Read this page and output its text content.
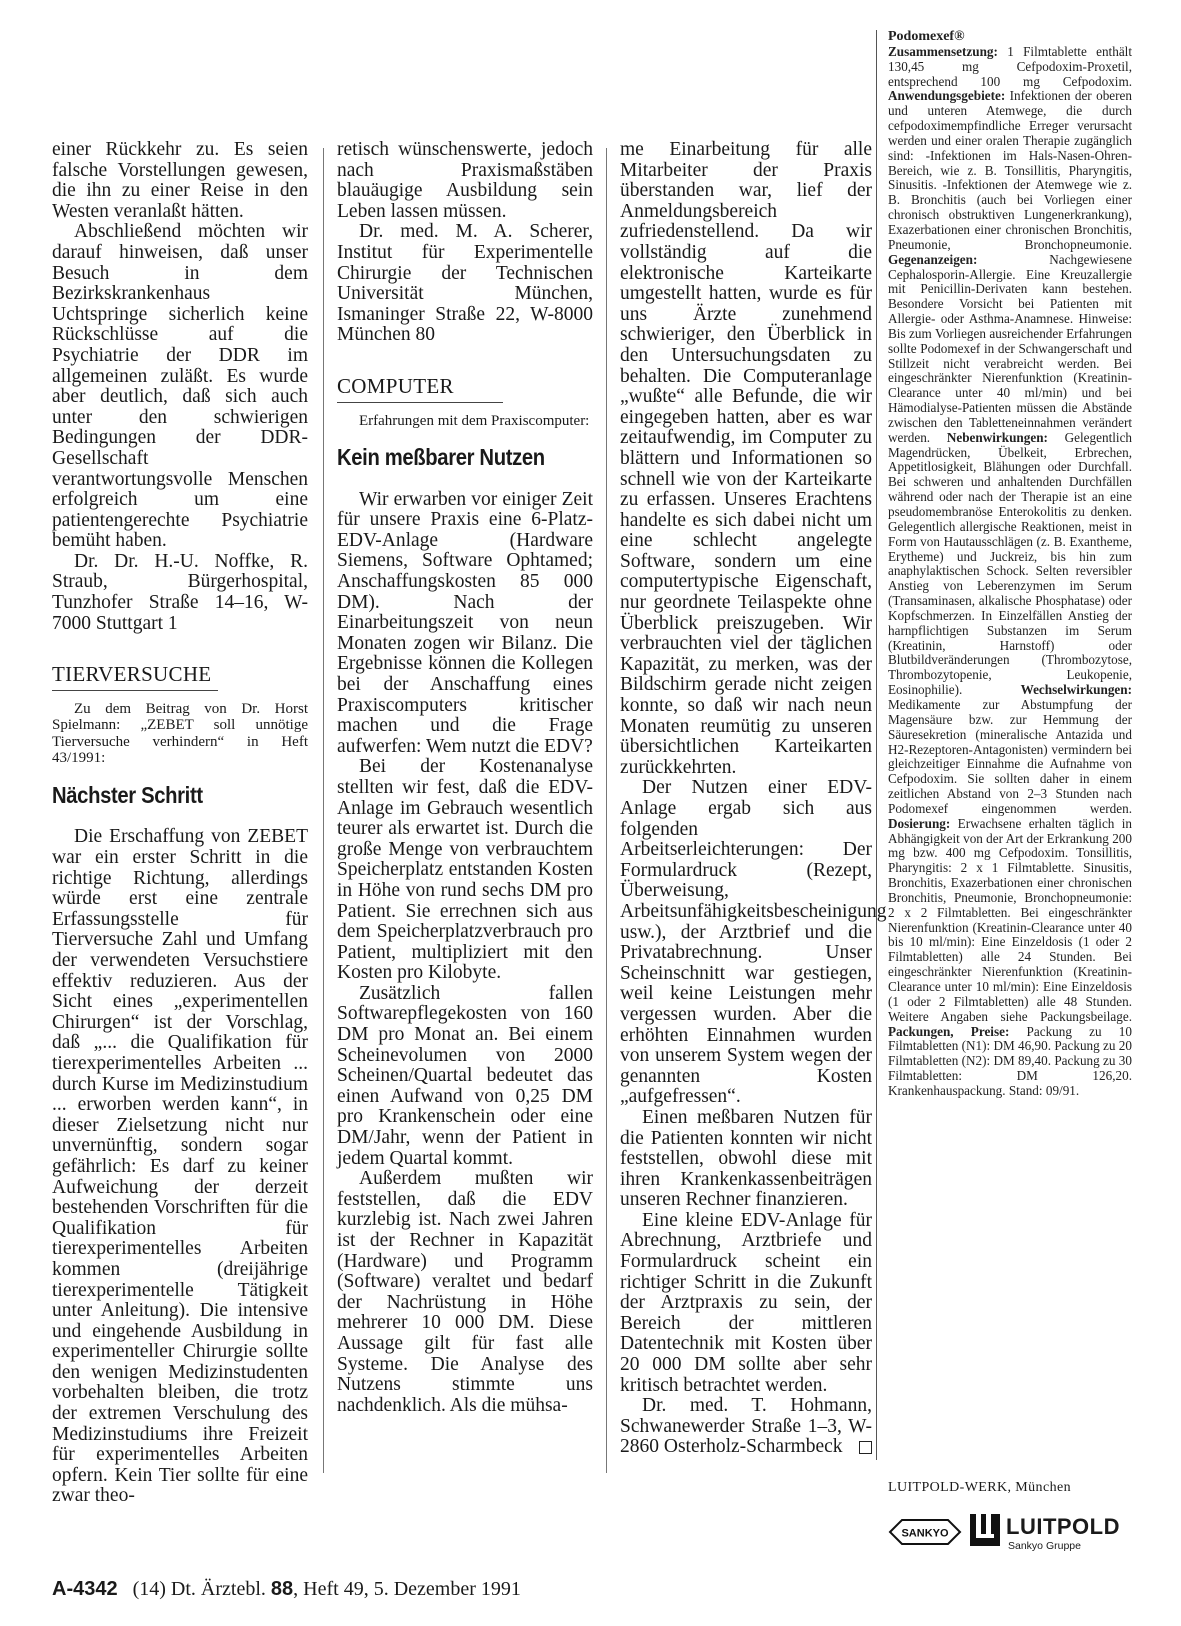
einer Rückkehr zu. Es seien falsche Vorstellungen gewesen, die ihn zu einer Reise in den Westen veranlaßt hätten.

Abschließend möchten wir darauf hinweisen, daß unser Besuch in dem Bezirkskrankenhaus Uchtspringe sicherlich keine Rückschlüsse auf die Psychiatrie der DDR im allgemeinen zuläßt. Es wurde aber deutlich, daß sich auch unter den schwierigen Bedingungen der DDR-Gesellschaft verantwortungsvolle Menschen erfolgreich um eine patientengerechte Psychiatrie bemüht haben.

Dr. Dr. H.-U. Noffke, R. Straub, Bürgerhospital, Tunzhofer Straße 14–16, W-7000 Stuttgart 1

TIERVERSUCHE

Zu dem Beitrag von Dr. Horst Spielmann: „ZEBET soll unnötige Tierversuche verhindern“ in Heft 43/1991:

Nächster Schritt

Die Erschaffung von ZEBET war ein erster Schritt in die richtige Richtung, allerdings würde erst eine zentrale Erfassungsstelle für Tierversuche Zahl und Umfang der verwendeten Versuchstiere effektiv reduzieren. Aus der Sicht eines „experimentellen Chirurgen“ ist der Vorschlag, daß „... die Qualifikation für tierexperimentelles Arbeiten ... durch Kurse im Medizinstudium ... erworben werden kann“, in dieser Zielsetzung nicht nur unvernünftig, sondern sogar gefährlich: Es darf zu keiner Aufweichung der derzeit bestehenden Vorschriften für die Qualifikation für tierexperimentelles Arbeiten kommen (dreijährige tierexperimentelle Tätigkeit unter Anleitung). Die intensive und eingehende Ausbildung in experimenteller Chirurgie sollte den wenigen Medizinstudenten vorbehalten bleiben, die trotz der extremen Verschulung des Medizinstudiums ihre Freizeit für experimentelles Arbeiten opfern. Kein Tier sollte für eine zwar theo-

retisch wünschenswerte, jedoch nach Praxismaßstäben blauäugige Ausbildung sein Leben lassen müssen.

Dr. med. M. A. Scherer, Institut für Experimentelle Chirurgie der Technischen Universität München, Ismaninger Straße 22, W-8000 München 80

COMPUTER

Erfahrungen mit dem Praxiscomputer:

Kein meßbarer Nutzen

Wir erwarben vor einiger Zeit für unsere Praxis eine 6-Platz-EDV-Anlage (Hardware Siemens, Software Ophtamed; Anschaffungskosten 85 000 DM). Nach der Einarbeitungszeit von neun Monaten zogen wir Bilanz. Die Ergebnisse können die Kollegen bei der Anschaffung eines Praxiscomputers kritischer machen und die Frage aufwerfen: Wem nutzt die EDV?

Bei der Kostenanalyse stellten wir fest, daß die EDV-Anlage im Gebrauch wesentlich teurer als erwartet ist. Durch die große Menge von verbrauchtem Speicherplatz entstanden Kosten in Höhe von rund sechs DM pro Patient. Sie errechnen sich aus dem Speicherplatzverbrauch pro Patient, multipliziert mit den Kosten pro Kilobyte.

Zusätzlich fallen Softwarepflegekosten von 160 DM pro Monat an. Bei einem Scheinevolumen von 2000 Scheinen/Quartal bedeutet das einen Aufwand von 0,25 DM pro Krankenschein oder eine DM/Jahr, wenn der Patient in jedem Quartal kommt.

Außerdem mußten wir feststellen, daß die EDV kurzlebig ist. Nach zwei Jahren ist der Rechner in Kapazität (Hardware) und Programm (Software) veraltet und bedarf der Nachrüstung in Höhe mehrerer 10 000 DM. Diese Aussage gilt für fast alle Systeme. Die Analyse des Nutzens stimmte uns nachdenklich. Als die mühsa-

me Einarbeitung für alle Mitarbeiter der Praxis überstanden war, lief der Anmeldungsbereich zufriedenstellend. Da wir vollständig auf die elektronische Karteikarte umgestellt hatten, wurde es für uns Ärzte zunehmend schwieriger, den Überblick in den Untersuchungsdaten zu behalten. Die Computeranlage „wußte“ alle Befunde, die wir eingegeben hatten, aber es war zeitaufwendig, im Computer zu blättern und Informationen so schnell wie von der Karteikarte zu erfassen. Unseres Erachtens handelte es sich dabei nicht um eine schlecht angelegte Software, sondern um eine computertypische Eigenschaft, nur geordnete Teilaspekte ohne Überblick preiszugeben. Wir verbrauchten viel der täglichen Kapazität, zu merken, was der Bildschirm gerade nicht zeigen konnte, so daß wir nach neun Monaten reumütig zu unseren übersichtlichen Karteikarten zurückkehrten.

Der Nutzen einer EDV-Anlage ergab sich aus folgenden Arbeitserleichterungen: Der Formulardruck (Rezept, Überweisung, Arbeitsunfähigkeitsbescheinigung usw.), der Arztbrief und die Privatabrechnung. Unser Scheinschnitt war gestiegen, weil keine Leistungen mehr vergessen wurden. Aber die erhöhten Einnahmen wurden von unserem System wegen der genannten Kosten „aufgefressen“.

Einen meßbaren Nutzen für die Patienten konnten wir nicht feststellen, obwohl diese mit ihren Krankenkassenbeiträgen unseren Rechner finanzieren.

Eine kleine EDV-Anlage für Abrechnung, Arztbriefe und Formulardruck scheint ein richtiger Schritt in die Zukunft der Arztpraxis zu sein, der Bereich der mittleren Datentechnik mit Kosten über 20 000 DM sollte aber sehr kritisch betrachtet werden.

Dr. med. T. Hohmann, Schwanewerder Straße 1–3, W-2860 Osterholz-Scharmbeck

Podomexef®
Zusammensetzung: 1 Filmtablette enthält 130,45 mg Cefpodoxim-Proxetil, entsprechend 100 mg Cefpodoxim. Anwendungsgebiete: Infektionen der oberen und unteren Atemwege, die durch cefpodoximempfindliche Erreger verursacht werden und einer oralen Therapie zugänglich sind: -Infektionen im Hals-Nasen-Ohren-Bereich, wie z. B. Tonsillitis, Pharyngitis, Sinusitis. -Infektionen der Atemwege wie z. B. Bronchitis (auch bei Vorliegen einer chronisch obstruktiven Lungenerkrankung), Exazerbationen einer chronischen Bronchitis, Pneumonie, Bronchopneumonie. Gegenanzeigen:	Nachgewiesene Cephalosporin-Allergie. Eine Kreuzallergie mit Penicillin-Derivaten kann bestehen. Besondere Vorsicht bei Patienten mit Allergie- oder Asthma-Anamnese. Hinweise: Bis zum Vorliegen ausreichender Erfahrungen sollte Podomexef in der Schwangerschaft und Stillzeit nicht verabreicht werden. Bei eingeschränkter Nierenfunktion (Kreatinin-Clearance unter 40 ml/min) und bei Hämodialyse-Patienten müssen die Abstände zwischen den Tabletteneinnahmen verändert werden. Nebenwirkungen: Gelegentlich Magendrücken, Übelkeit, Erbrechen, Appetitlosigkeit, Blähungen oder Durchfall. Bei schweren und anhaltenden Durchfällen während oder nach der Therapie ist an eine pseudomembranöse Enterokolitis zu denken. Gelegentlich allergische Reaktionen, meist in Form von Hautausschlägen (z. B. Exantheme, Erytheme) und Juckreiz, bis hin zum anaphylaktischen Schock. Selten reversibler Anstieg von Leberenzymen im Serum (Transaminasen, alkalische Phosphatase) oder Kopfschmerzen. In Einzelfällen Anstieg der harnpflichtigen Substanzen im Serum (Kreatinin, Harnstoff) oder Blutbildveränderungen (Thrombozytose, Thrombozytopenie, Leukopenie, Eosinophilie).	Wechselwirkungen: Medikamente zur Abstumpfung der Magensäure bzw. zur Hemmung der Säuresekretion (mineralische Antazida und H2-Rezeptoren-Antagonisten) vermindern bei gleichzeitiger Einnahme die Aufnahme von Cefpodoxim. Sie sollten daher in einem zeitlichen Abstand von 2–3 Stunden nach Podomexef eingenommen werden. Dosierung: Erwachsene erhalten täglich in Abhängigkeit von der Art der Erkrankung 200 mg bzw. 400 mg Cefpodoxim. Tonsillitis, Pharyngitis: 2 x 1 Filmtablette. Sinusitis, Bronchitis, Exazerbationen einer chronischen Bronchitis, Pneumonie, Bronchopneumonie: 2 x 2 Filmtabletten. Bei eingeschränkter Nierenfunktion (Kreatinin-Clearance unter 40 bis 10 ml/min): Eine Einzeldosis (1 oder 2 Filmtabletten) alle 24 Stunden. Bei eingeschränkter Nierenfunktion (Kreatinin-Clearance unter 10 ml/min): Eine Einzeldosis (1 oder 2 Filmtabletten) alle 48 Stunden. Weitere Angaben siehe Packungsbeilage. Packungen, Preise: Packung zu 10 Filmtabletten (N1): DM 46,90. Packung zu 20 Filmtabletten (N2): DM 89,40. Packung zu 30 Filmtabletten: DM 126,20. Krankenhauspackung. Stand: 09/91.
LUITPOLD-WERK, München
SANKYO	LUITPOLD
Sankyo Gruppe
A-4342 (14) Dt. Ärztebl. 88, Heft 49, 5. Dezember 1991
